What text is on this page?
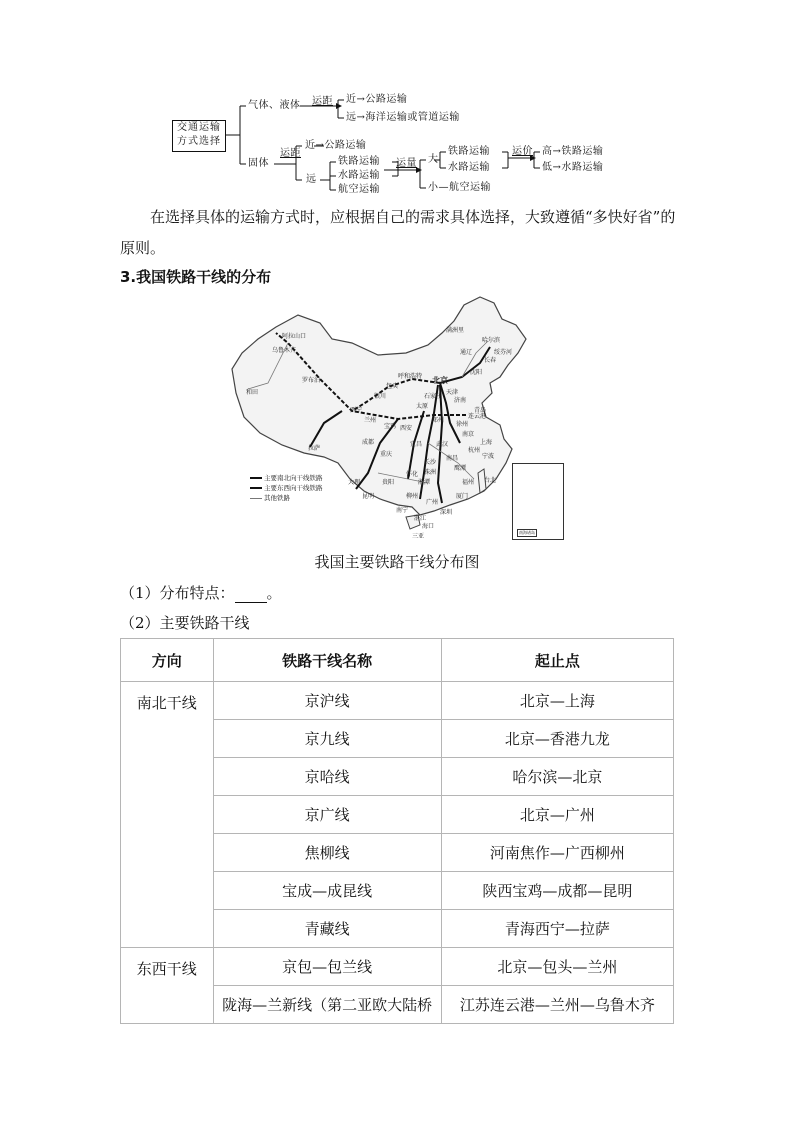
交通运输
方式选择
气体、液体 运距 近→公路运输
远→海洋运输或管道运输
固体
运距
近→公路运输
远
铁路运输
水路运输
航空运输
运量 大
铁路运输
水路运输
运价 高→铁路运输
低→水路运输
小—航空运输
在选择具体的运输方式时，应根据自己的需求具体选择，大致遵循“多快好省”的原则。
3.我国铁路干线的分布
阿拉山口
乌鲁木齐
和田
罗布泊
拉萨
西宁
兰州
银川
包头
呼和浩特 北京
天津
沈阳
长春
哈尔滨
满洲里
通辽	绥芬河
太原
济南
青岛
石家庄
郑州
徐州
连云港
西安
宝鸡
成都
重庆
宜昌 武汉
南京
上海
杭州
宁波
南昌
长沙
株洲
贵阳
昆明
大理
柳州
南宁
广州
深圳
福州
厦门
台北
湛江
海口
三亚
怀化
鹰潭
湘潭
主要南北向干线铁路
主要东西向干线铁路
其他铁路
南海诸岛
我国主要铁路干线分布图
（1）分布特点： 。
（2）主要铁路干线
方向	铁路干线名称	起止点
南北干线	京沪线	北京—上海
	京九线	北京—香港九龙
	京哈线	哈尔滨—北京
	京广线	北京—广州
	焦柳线	河南焦作—广西柳州
	宝成—成昆线	陕西宝鸡—成都—昆明
	青藏线	青海西宁—拉萨
东西干线	京包—包兰线	北京—包头—兰州
	陇海—兰新线（第二亚欧大陆桥	江苏连云港—兰州—乌鲁木齐
